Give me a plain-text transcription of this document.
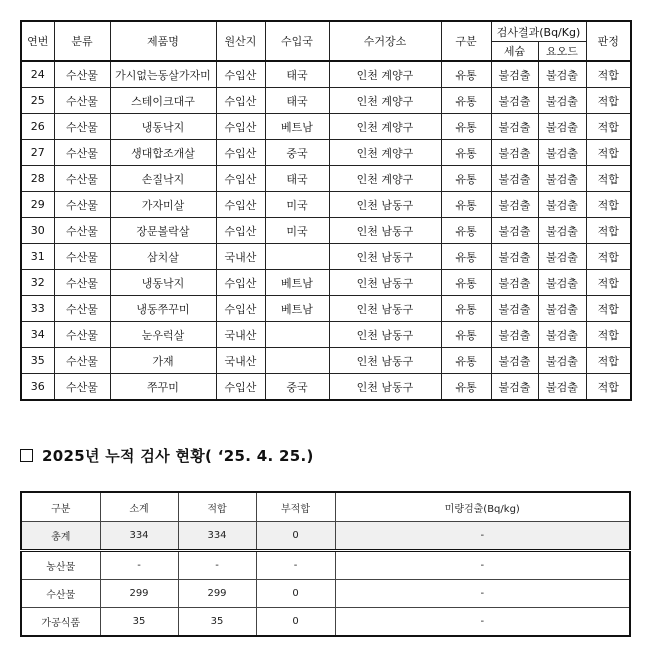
연번	분류	제품명	원산지	수입국	수거장소	구분	검사결과(Bq/Kg)		판정
							세슘	요오드	
24	수산물	가시없는동살가자미	수입산	태국	인천 계양구	유통	불검출	불검출	적합
25	수산물	스테이크대구	수입산	태국	인천 계양구	유통	불검출	불검출	적합
26	수산물	냉동낙지	수입산	베트남	인천 계양구	유통	불검출	불검출	적합
27	수산물	생대합조개살	수입산	중국	인천 계양구	유통	불검출	불검출	적합
28	수산물	손질낙지	수입산	태국	인천 계양구	유통	불검출	불검출	적합
29	수산물	가자미살	수입산	미국	인천 남동구	유통	불검출	불검출	적합
30	수산물	장문볼락살	수입산	미국	인천 남동구	유통	불검출	불검출	적합
31	수산물	삼치살	국내산		인천 남동구	유통	불검출	불검출	적합
32	수산물	냉동낙지	수입산	베트남	인천 남동구	유통	불검출	불검출	적합
33	수산물	냉동쭈꾸미	수입산	베트남	인천 남동구	유통	불검출	불검출	적합
34	수산물	눈우럭살	국내산		인천 남동구	유통	불검출	불검출	적합
35	수산물	가재	국내산		인천 남동구	유통	불검출	불검출	적합
36	수산물	쭈꾸미	수입산	중국	인천 남동구	유통	불검출	불검출	적합
2025년 누적 검사 현황( ‘25. 4. 25.)
구분	소계	적합	부적합	미량검출(Bq/kg)
총계	334	334	0	-
농산물	-	-	-	-
수산물	299	299	0	-
가공식품	35	35	0	-
